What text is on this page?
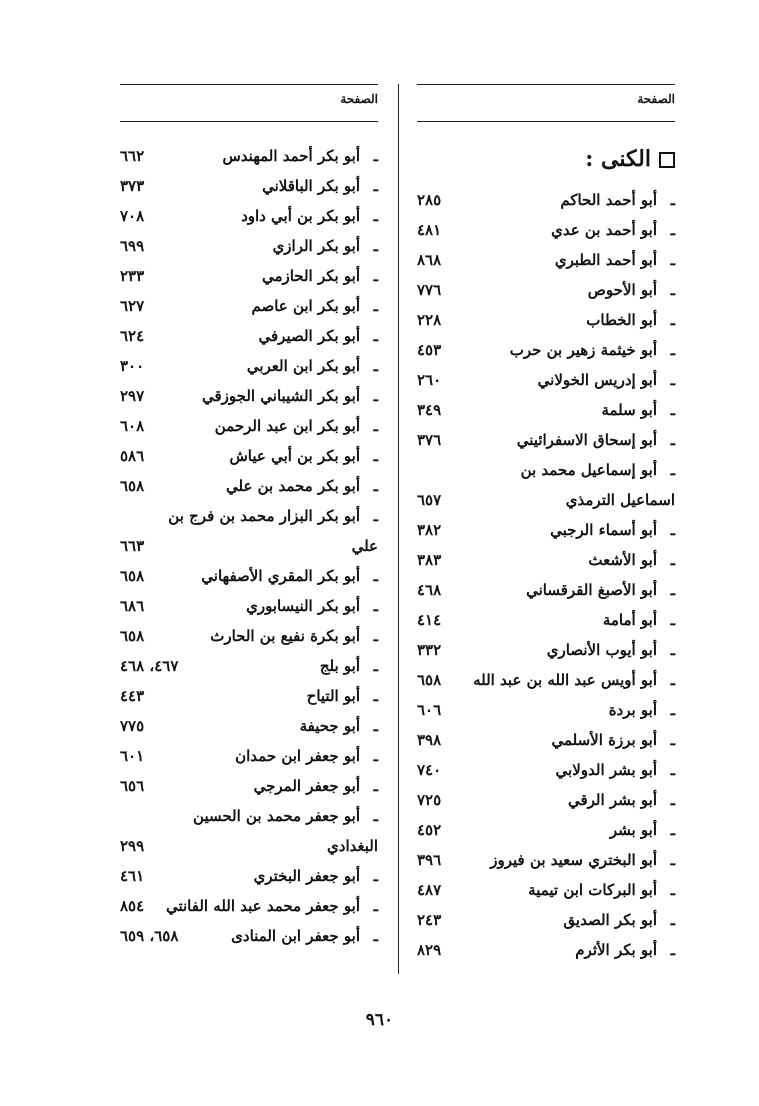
الصفحة
الكنى :
ـ
أبو أحمد الحاكم
٢٨٥
ـ
أبو أحمد بن عدي
٤٨١
ـ
أبو أحمد الطبري
٨٦٨
ـ
أبو الأحوص
٧٧٦
ـ
أبو الخطاب
٢٢٨
ـ
أبو خيثمة زهير بن حرب
٤٥٣
ـ
أبو إدريس الخولاني
٢٦٠
ـ
أبو سلمة
٣٤٩
ـ
أبو إسحاق الاسفرائيني
٣٧٦
ـ
أبو إسماعيل محمد بن
اسماعيل الترمذي
٦٥٧
ـ
أبو أسماء الرجبي
٣٨٢
ـ
أبو الأشعث
٣٨٣
ـ
أبو الأصبغ القرقساني
٤٦٨
ـ
أبو أمامة
٤١٤
ـ
أبو أيوب الأنصاري
٣٣٢
ـ
أبو أويس عبد الله بن عبد الله
٦٥٨
ـ
أبو بردة
٦٠٦
ـ
أبو برزة الأسلمي
٣٩٨
ـ
أبو بشر الدولابي
٧٤٠
ـ
أبو بشر الرقي
٧٢٥
ـ
أبو بشر
٤٥٢
ـ
أبو البختري سعيد بن فيروز
٣٩٦
ـ
أبو البركات ابن تيمية
٤٨٧
ـ
أبو بكر الصديق
٢٤٣
ـ
أبو بكر الأثرم
٨٢٩
الصفحة
ـ
أبو بكر أحمد المهندس
٦٦٢
ـ
أبو بكر الباقلاني
٣٧٣
ـ
أبو بكر بن أبي داود
٧٠٨
ـ
أبو بكر الرازي
٦٩٩
ـ
أبو بكر الحازمي
٢٣٣
ـ
أبو بكر ابن عاصم
٦٢٧
ـ
أبو بكر الصيرفي
٦٢٤
ـ
أبو بكر ابن العربي
٣٠٠
ـ
أبو بكر الشيباني الجوزقي
٢٩٧
ـ
أبو بكر ابن عبد الرحمن
٦٠٨
ـ
أبو بكر بن أبي عياش
٥٨٦
ـ
أبو بكر محمد بن علي
٦٥٨
ـ
أبو بكر البزار محمد بن فرج بن
علي
٦٦٣
ـ
أبو بكر المقري الأصفهاني
٦٥٨
ـ
أبو بكر النيسابوري
٦٨٦
ـ
أبو بكرة نفيع بن الحارث
٦٥٨
ـ
أبو بلج
٤٦٧، ٤٦٨
ـ
أبو التياح
٤٤٣
ـ
أبو جحيفة
٧٧٥
ـ
أبو جعفر ابن حمدان
٦٠١
ـ
أبو جعفر المرجي
٦٥٦
ـ
أبو جعفر محمد بن الحسين
البغدادي
٢٩٩
ـ
أبو جعفر البختري
٤٦١
ـ
أبو جعفر محمد عبد الله الفانتي
٨٥٤
ـ
أبو جعفر ابن المنادى
٦٥٨، ٦٥٩
٩٦٠
